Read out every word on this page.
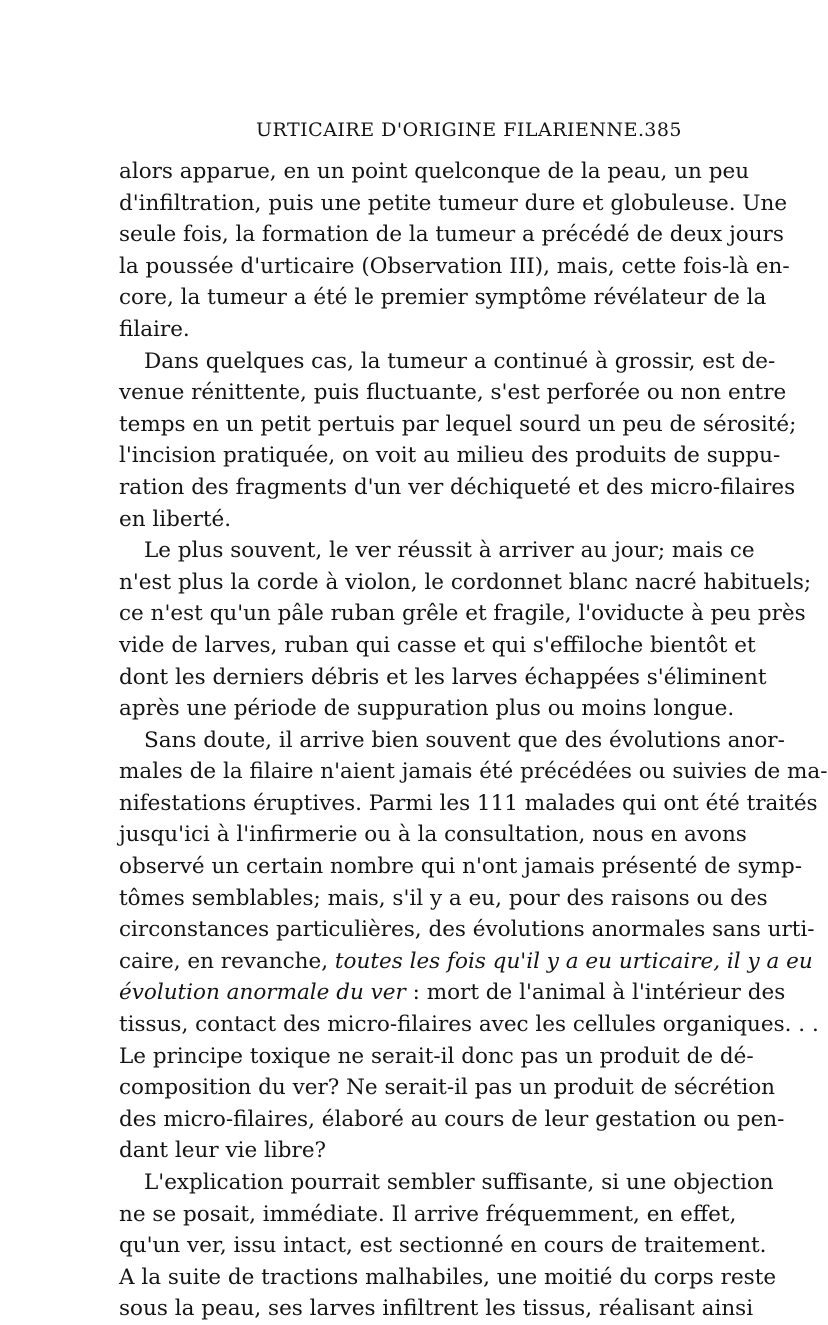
URTICAIRE D'ORIGINE FILARIENNE. 385
alors apparue, en un point quelconque de la peau, un peu
d'infiltration, puis une petite tumeur dure et globuleuse. Une
seule fois, la formation de la tumeur a précédé de deux jours
la poussée d'urticaire (Observation III), mais, cette fois-là en-
core, la tumeur a été le premier symptôme révélateur de la
filaire.
Dans quelques cas, la tumeur a continué à grossir, est de-
venue rénittente, puis fluctuante, s'est perforée ou non entre
temps en un petit pertuis par lequel sourd un peu de sérosité;
l'incision pratiquée, on voit au milieu des produits de suppu-
ration des fragments d'un ver déchiqueté et des micro-filaires
en liberté.
Le plus souvent, le ver réussit à arriver au jour; mais ce
n'est plus la corde à violon, le cordonnet blanc nacré habituels;
ce n'est qu'un pâle ruban grêle et fragile, l'oviducte à peu près
vide de larves, ruban qui casse et qui s'effiloche bientôt et
dont les derniers débris et les larves échappées s'éliminent
après une période de suppuration plus ou moins longue.
Sans doute, il arrive bien souvent que des évolutions anor-
males de la filaire n'aient jamais été précédées ou suivies de ma-
nifestations éruptives. Parmi les 111 malades qui ont été traités
jusqu'ici à l'infirmerie ou à la consultation, nous en avons
observé un certain nombre qui n'ont jamais présenté de symp-
tômes semblables; mais, s'il y a eu, pour des raisons ou des
circonstances particulières, des évolutions anormales sans urti-
caire, en revanche, toutes les fois qu'il y a eu urticaire, il y a eu
évolution anormale du ver : mort de l'animal à l'intérieur des
tissus, contact des micro-filaires avec les cellules organiques. . .
Le principe toxique ne serait-il donc pas un produit de dé-
composition du ver? Ne serait-il pas un produit de sécrétion
des micro-filaires, élaboré au cours de leur gestation ou pen-
dant leur vie libre?
L'explication pourrait sembler suffisante, si une objection
ne se posait, immédiate. Il arrive fréquemment, en effet,
qu'un ver, issu intact, est sectionné en cours de traitement.
A la suite de tractions malhabiles, une moitié du corps reste
sous la peau, ses larves infiltrent les tissus, réalisant ainsi
